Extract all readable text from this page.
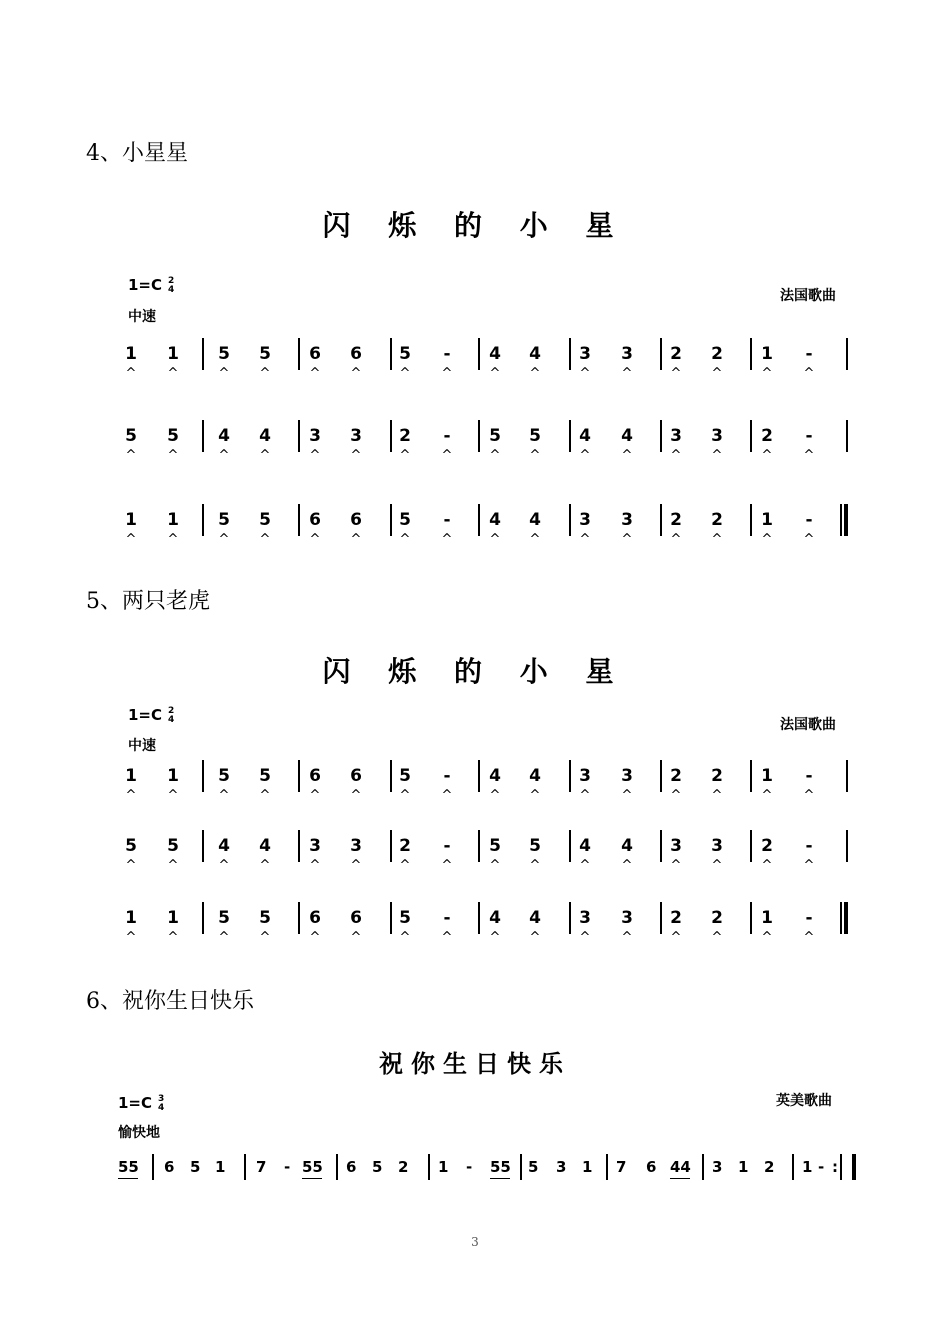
4、小星星
闪 烁 的 小 星
1=C 2
4
中速
法国歌曲
1
^
1
^
5
^
5
^
6
^
6
^
5
^
-
^
4
^
4
^
3
^
3
^
2
^
2
^
1
^
-
^
5
^
5
^
4
^
4
^
3
^
3
^
2
^
-
^
5
^
5
^
4
^
4
^
3
^
3
^
2
^
-
^
1
^
1
^
5
^
5
^
6
^
6
^
5
^
-
^
4
^
4
^
3
^
3
^
2
^
2
^
1
^
-
^
5、两只老虎
闪 烁 的 小 星
1=C 2
4
中速
法国歌曲
1
^
1
^
5
^
5
^
6
^
6
^
5
^
-
^
4
^
4
^
3
^
3
^
2
^
2
^
1
^
-
^
5
^
5
^
4
^
4
^
3
^
3
^
2
^
-
^
5
^
5
^
4
^
4
^
3
^
3
^
2
^
-
^
1
^
1
^
5
^
5
^
6
^
6
^
5
^
-
^
4
^
4
^
3
^
3
^
2
^
2
^
1
^
-
^
6、祝你生日快乐
祝你生日快乐
1=C 3
4
愉快地
英美歌曲
55 6 5 1 7 - 55 6 5 2 1 - 55 5 3 1 7 6 44 3 1 2 1 - :
3
